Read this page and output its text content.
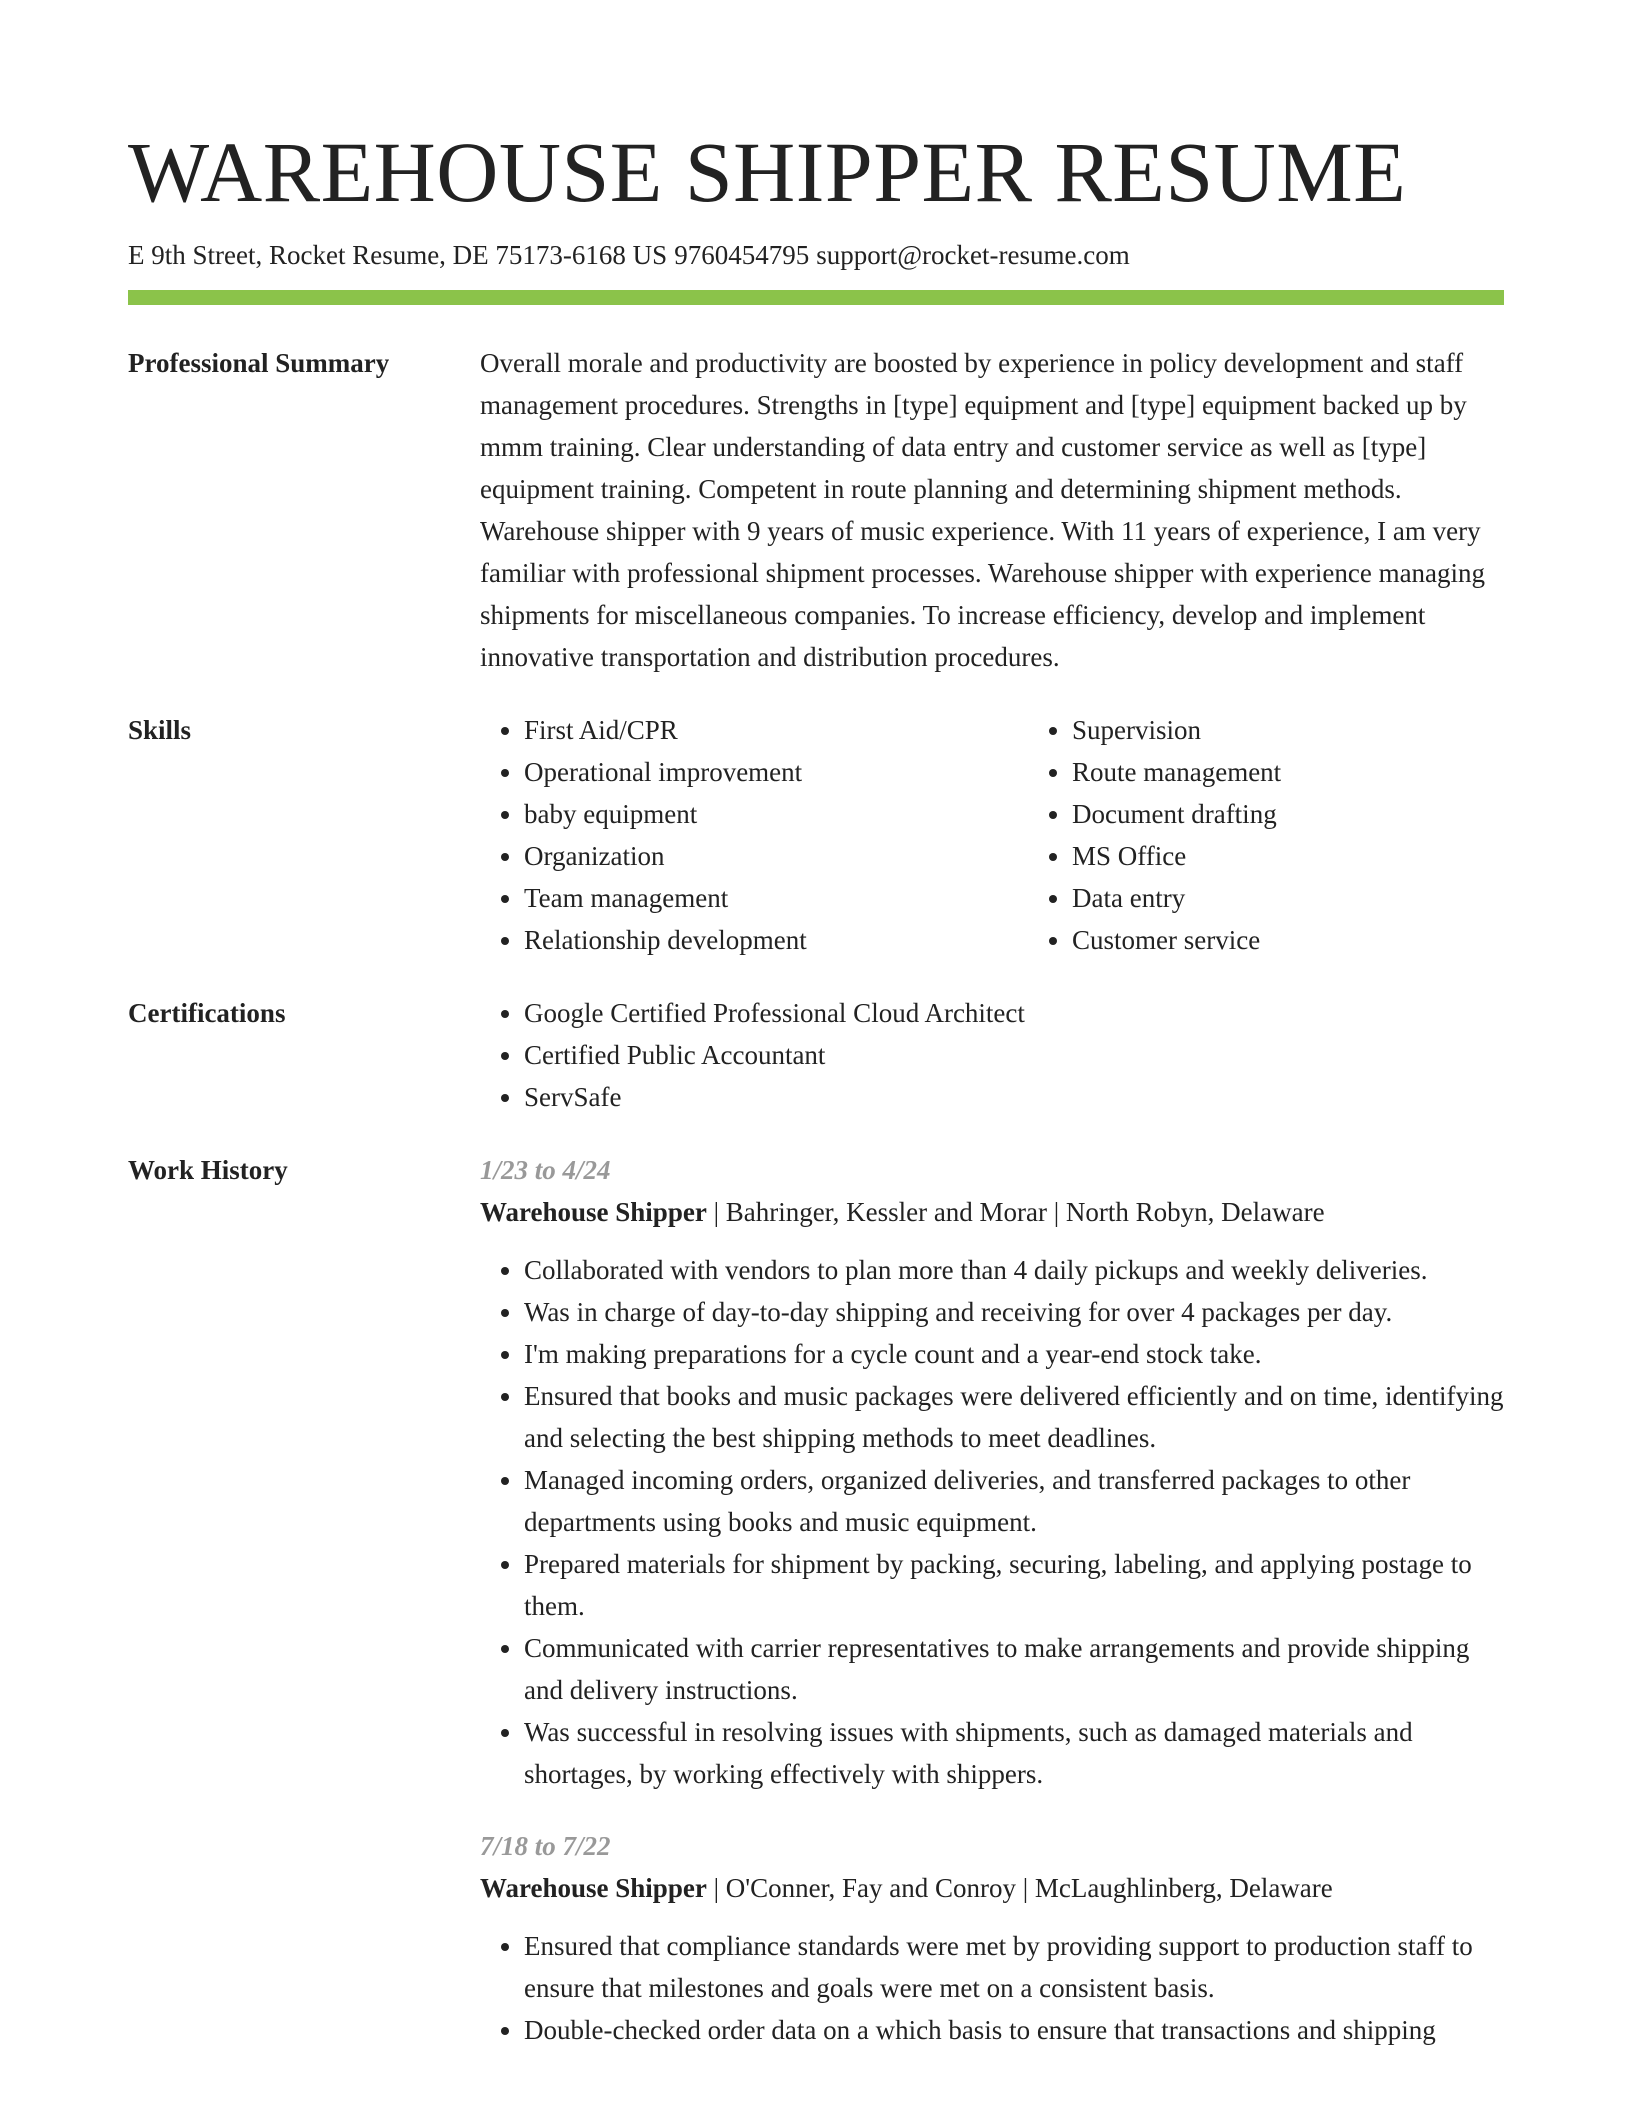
WAREHOUSE SHIPPER RESUME
E 9th Street, Rocket Resume, DE 75173-6168 US 9760454795 support@rocket-resume.com
Professional Summary	Overall morale and productivity are boosted by experience in policy development and staff management procedures. Strengths in [type] equipment and [type] equipment backed up by mmm training. Clear understanding of data entry and customer service as well as [type] equipment training. Competent in route planning and determining shipment methods. Warehouse shipper with 9 years of music experience. With 11 years of experience, I am very familiar with professional shipment processes. Warehouse shipper with experience managing shipments for miscellaneous companies. To increase efficiency, develop and implement innovative transportation and distribution procedures.

Skills	• First Aid/CPR
• Operational improvement
• baby equipment
• Organization
• Team management
• Relationship development
• Supervision
• Route management
• Document drafting
• MS Office
• Data entry
• Customer service
Certifications	• Google Certified Professional Cloud Architect
• Certified Public Accountant
• ServSafe
Work History	1/23 to 4/24
Warehouse Shipper | Bahringer, Kessler and Morar | North Robyn, Delaware
• Collaborated with vendors to plan more than 4 daily pickups and weekly deliveries.
• Was in charge of day-to-day shipping and receiving for over 4 packages per day.
• I'm making preparations for a cycle count and a year-end stock take.
• Ensured that books and music packages were delivered efficiently and on time, identifying and selecting the best shipping methods to meet deadlines.
• Managed incoming orders, organized deliveries, and transferred packages to other departments using books and music equipment.
• Prepared materials for shipment by packing, securing, labeling, and applying postage to them.
• Communicated with carrier representatives to make arrangements and provide shipping and delivery instructions.
• Was successful in resolving issues with shipments, such as damaged materials and shortages, by working effectively with shippers.
7/18 to 7/22
Warehouse Shipper | O'Conner, Fay and Conroy | McLaughlinberg, Delaware
• Ensured that compliance standards were met by providing support to production staff to ensure that milestones and goals were met on a consistent basis.
• Double-checked order data on a which basis to ensure that transactions and shipping
